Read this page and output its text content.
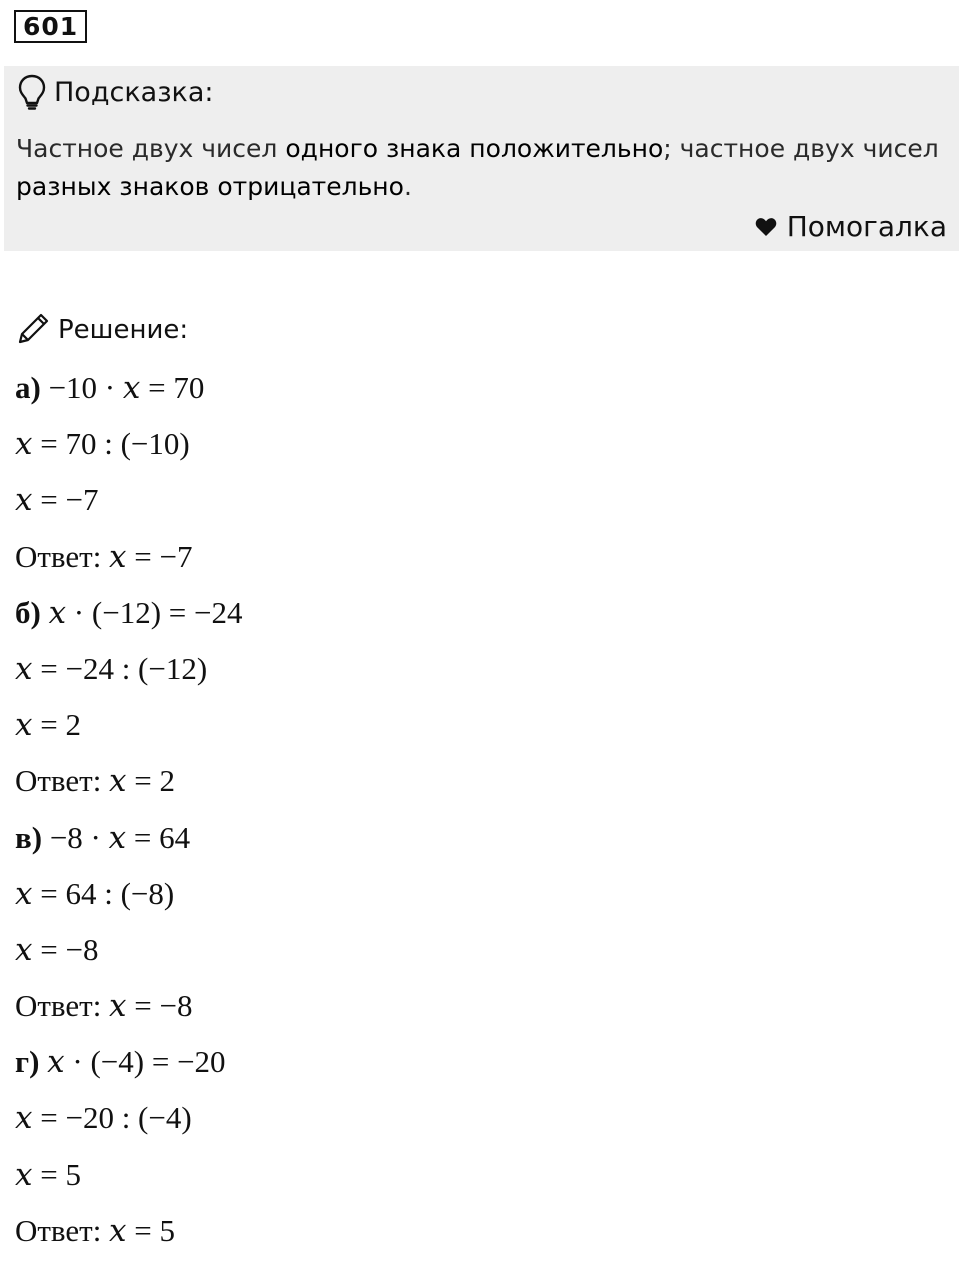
601
Подсказка:
Частное двух чисел одного знака положительно; частное двух чисел
разных знаков отрицательно.
Помогалка
Решение:
а) −10 · 𝑥 = 70
𝑥 = 70 : (−10)
𝑥 = −7
Ответ: 𝑥 = −7
б) 𝑥 · (−12) = −24
𝑥 = −24 : (−12)
𝑥 = 2
Ответ: 𝑥 = 2
в) −8 · 𝑥 = 64
𝑥 = 64 : (−8)
𝑥 = −8
Ответ: 𝑥 = −8
г) 𝑥 · (−4) = −20
𝑥 = −20 : (−4)
𝑥 = 5
Ответ: 𝑥 = 5
